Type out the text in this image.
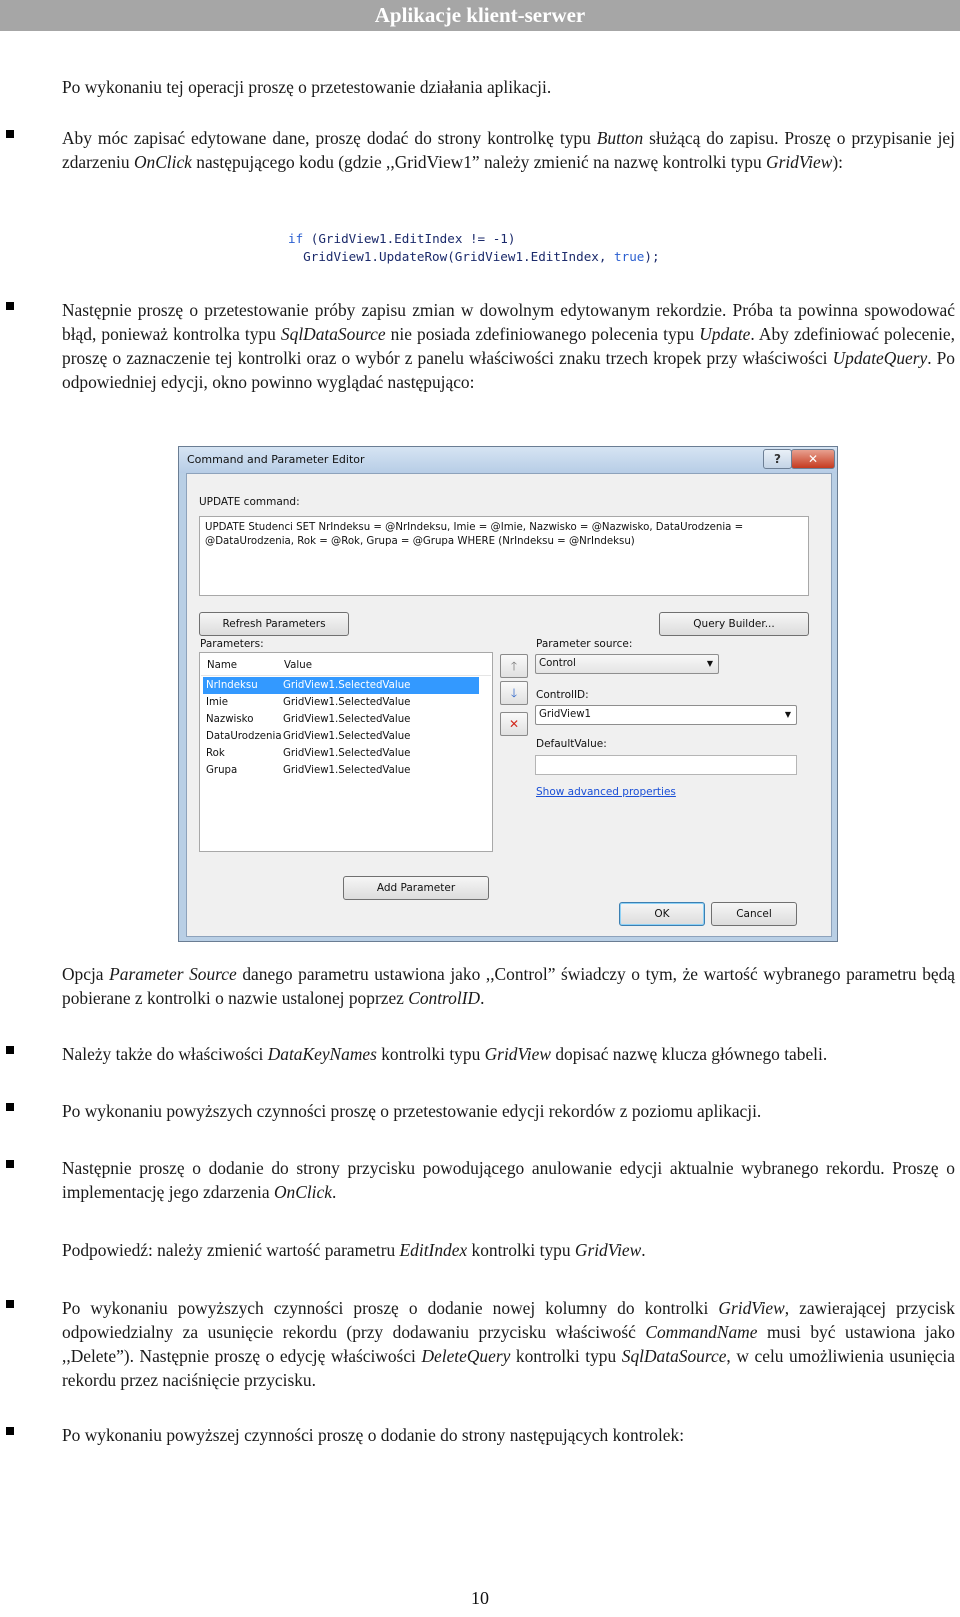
Aplikacje klient-serwer
Po wykonaniu tej operacji proszę o przetestowanie działania aplikacji.
Aby móc zapisać edytowane dane, proszę dodać do strony kontrolkę typu Button służącą do zapisu. Proszę o przypisanie jej zdarzeniu OnClick następującego kodu (gdzie ,,GridView1” należy zmienić na nazwę kontrolki typu GridView):
if (GridView1.EditIndex != -1)
GridView1.UpdateRow(GridView1.EditIndex, true);
Następnie proszę o przetestowanie próby zapisu zmian w dowolnym edytowanym rekordzie. Próba ta powinna spowodować błąd, ponieważ kontrolka typu SqlDataSource nie posiada zdefiniowanego polecenia typu Update. Aby zdefiniować polecenie, proszę o zaznaczenie tej kontrolki oraz o wybór z panelu właściwości znaku trzech kropek przy właściwości UpdateQuery. Po odpowiedniej edycji, okno powinno wyglądać następująco:
Command and Parameter Editor	?	✕
UPDATE command:
UPDATE Studenci SET NrIndeksu = @NrIndeksu, Imie = @Imie, Nazwisko = @Nazwisko, DataUrodzenia = @DataUrodzenia, Rok = @Rok, Grupa = @Grupa WHERE (NrIndeksu = @NrIndeksu)
Refresh Parameters	Query Builder...
Parameters:
Name	Value
NrIndeksu GridView1.SelectedValue
Imie	GridView1.SelectedValue
Nazwisko	GridView1.SelectedValue
DataUrodzenia GridView1.SelectedValue
Rok	GridView1.SelectedValue
Grupa	GridView1.SelectedValue
🡑
🡓
✕
Add Parameter
Parameter source:
Control	▼
ControlID:
GridView1	▼
DefaultValue:
Show advanced properties
OK	Cancel
Opcja Parameter Source danego parametru ustawiona jako ,,Control” świadczy o tym, że wartość wybranego parametru będą pobierane z kontrolki o nazwie ustalonej poprzez ControlID.
Należy także do właściwości DataKeyNames kontrolki typu GridView dopisać nazwę klucza głównego tabeli.
Po wykonaniu powyższych czynności proszę o przetestowanie edycji rekordów z poziomu aplikacji.
Następnie proszę o dodanie do strony przycisku powodującego anulowanie edycji aktualnie wybranego rekordu. Proszę o implementację jego zdarzenia OnClick.
Podpowiedź: należy zmienić wartość parametru EditIndex kontrolki typu GridView.
Po wykonaniu powyższych czynności proszę o dodanie nowej kolumny do kontrolki GridView, zawierającej przycisk odpowiedzialny za usunięcie rekordu (przy dodawaniu przycisku właściwość CommandName musi być ustawiona jako ,,Delete”). Następnie proszę o edycję właściwości DeleteQuery kontrolki typu SqlDataSource, w celu umożliwienia usunięcia rekordu przez naciśnięcie przycisku.
Po wykonaniu powyższej czynności proszę o dodanie do strony następujących kontrolek:
10
